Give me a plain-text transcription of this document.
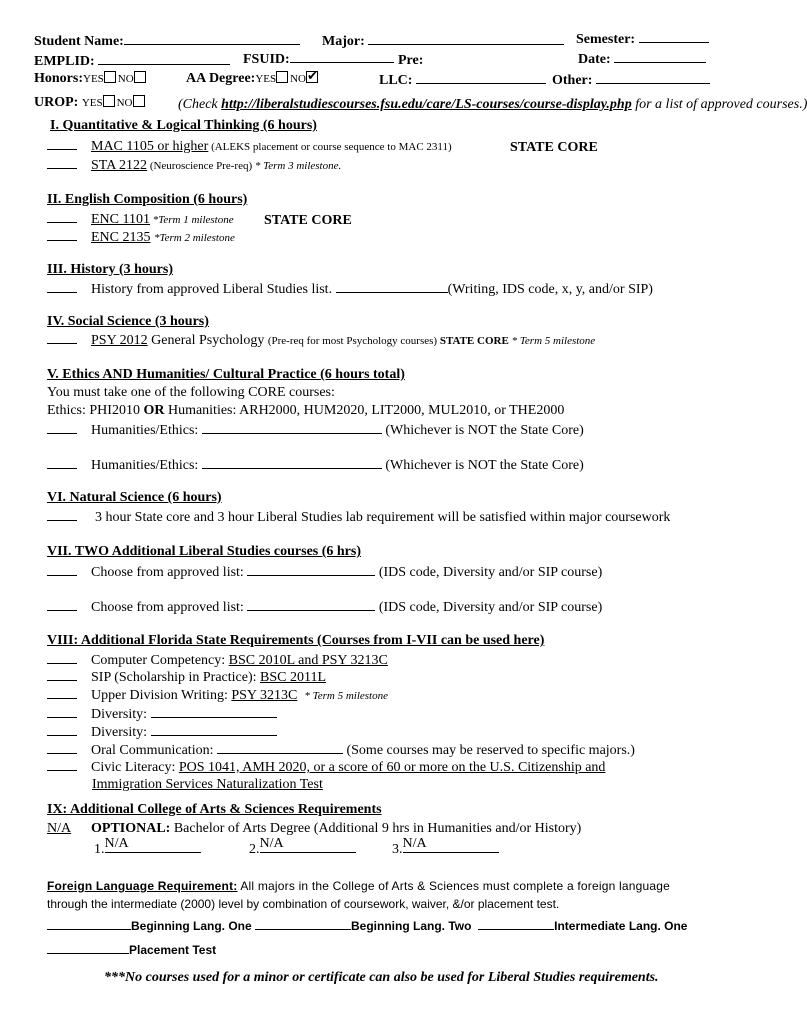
Student Name:	Major:	Semester:
EMPLID:	FSUID:	Pre:	Date:
Honors:YES NO	AA Degree:YES NO✔	LLC:	Other:
UROP: YES NO	(Check http://liberalstudiescourses.fsu.edu/care/LS-courses/course-display.php for a list of approved courses.)
I. Quantitative & Logical Thinking (6 hours)
MAC 1105 or higher (ALEKS placement or course sequence to MAC 2311)	STATE CORE
STA 2122 (Neuroscience Pre-req) * Term 3 milestone.
II. English Composition (6 hours)
ENC 1101 *Term 1 milestone STATE CORE
ENC 2135 *Term 2 milestone
III. History (3 hours)
History from approved Liberal Studies list.	(Writing, IDS code, x, y, and/or SIP)
IV. Social Science (3 hours)
PSY 2012 General Psychology (Pre-req for most Psychology courses) STATE CORE * Term 5 milestone
V. Ethics AND Humanities/ Cultural Practice (6 hours total)
You must take one of the following CORE courses:
Ethics: PHI2010 OR Humanities: ARH2000, HUM2020, LIT2000, MUL2010, or THE2000
Humanities/Ethics:	(Whichever is NOT the State Core)
Humanities/Ethics:	(Whichever is NOT the State Core)
VI. Natural Science (6 hours)
3 hour State core and 3 hour Liberal Studies lab requirement will be satisfied within major coursework
VII. TWO Additional Liberal Studies courses (6 hrs)
Choose from approved list:	(IDS code, Diversity and/or SIP course)
Choose from approved list:	(IDS code, Diversity and/or SIP course)
VIII: Additional Florida State Requirements (Courses from I-VII can be used here)
Computer Competency: BSC 2010L and PSY 3213C
SIP (Scholarship in Practice): BSC 2011L
Upper Division Writing: PSY 3213C * Term 5 milestone
Diversity:
Diversity:
Oral Communication:	(Some courses may be reserved to specific majors.)
Civic Literacy: POS 1041, AMH 2020, or a score of 60 or more on the U.S. Citizenship and
Immigration Services Naturalization Test
IX: Additional College of Arts & Sciences Requirements
N/A OPTIONAL: Bachelor of Arts Degree (Additional 9 hrs in Humanities and/or History)
1. N/A	2. N/A	3. N/A
Foreign Language Requirement: All majors in the College of Arts & Sciences must complete a foreign language
through the intermediate (2000) level by combination of coursework, waiver, &/or placement test.
Beginning Lang. One	Beginning Lang. Two	Intermediate Lang. One
Placement Test
***No courses used for a minor or certificate can also be used for Liberal Studies requirements.
